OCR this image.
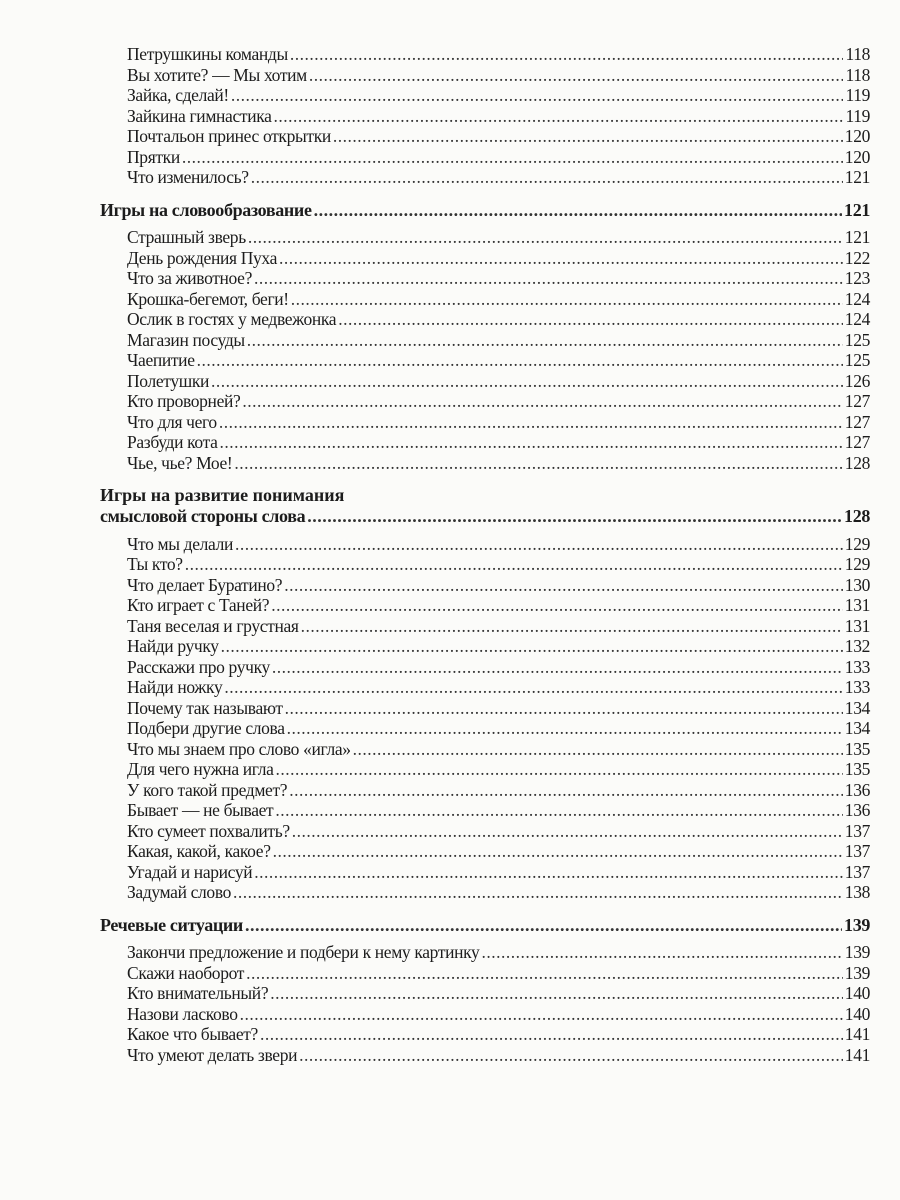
Петрушкины команды .....	118
Вы хотите? — Мы хотим .....	118
Зайка, сделай! .....	119
Зайкина гимнастика .....	119
Почтальон принес открытки .....	120
Прятки .....	120
Что изменилось? .....	121
Игры на словообразование .....	121
Страшный зверь .....	121
День рождения Пуха .....	122
Что за животное? .....	123
Крошка-бегемот, беги! .....	124
Ослик в гостях у медвежонка .....	124
Магазин посуды .....	125
Чаепитие .....	125
Полетушки .....	126
Кто проворней? .....	127
Что для чего .....	127
Разбуди кота .....	127
Чье, чье? Мое! .....	128
Игры на развитие понимания
смысловой стороны слова .....	128
Что мы делали .....	129
Ты кто? .....	129
Что делает Буратино? .....	130
Кто играет с Таней? .....	131
Таня веселая и грустная .....	131
Найди ручку .....	132
Расскажи про ручку .....	133
Найди ножку .....	133
Почему так называют .....	134
Подбери другие слова .....	134
Что мы знаем про слово «игла» .....	135
Для чего нужна игла .....	135
У кого такой предмет? .....	136
Бывает — не бывает .....	136
Кто сумеет похвалить? .....	137
Какая, какой, какое? .....	137
Угадай и нарисуй .....	137
Задумай слово .....	138
Речевые ситуации .....	139
Закончи предложение и подбери к нему картинку .....	139
Скажи наоборот .....	139
Кто внимательный? .....	140
Назови ласково .....	140
Какое что бывает? .....	141
Что умеют делать звери .....	141
